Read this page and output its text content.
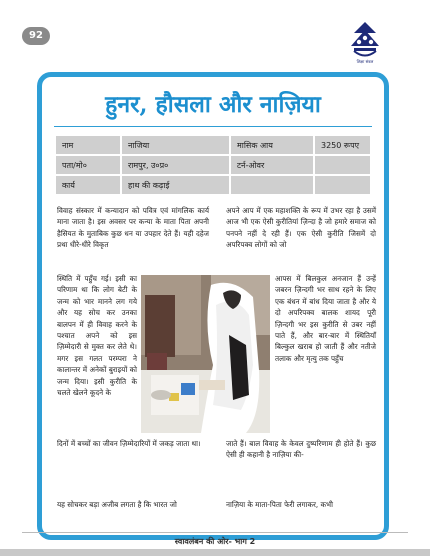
92
शिक्षा संबल
हुनर, हौसला और नाज़िया
नाम	नाजिया	मासिक आय	3250 रूपए
पता/मो०	रामपुर, उ०प्र०	टर्न-ओवर	
कार्य	हाथ की कढ़ाई		

विवाह संस्कार में कन्यादान को पवित्र एवं मांगलिक कार्य माना जाता है। इस अवसर पर कन्या के माता पिता अपनी हैसियत के मुताबिक कुछ धन या उपहार देते हैं। यही दहेज प्रथा धीरे-धीरे विकृत

स्थिति में पहुँच गई। इसी का परिणाम था कि लोग बेटी के जन्म को भार मानने लग गये और यह सोच कर उनका बालपन में ही विवाह करने के पश्चात अपने को इस ज़िम्मेदारी से मुक्त कर लेते थे। मगर इस गलत परम्परा ने कालान्तर में अनेकों बुराइयों को जन्म दिया। इसी कुरीति के चलते खेलने कूदने के

दिनों में बच्चों का जीवन ज़िम्मेदारियों में जकड़ जाता था।

यह सोचकर बड़ा अजीब लगता है कि भारत जो

अपने आप में एक महाशक्ति के रूप में उभर रहा है उसमें आज भी एक ऐसी कुरीतियां ज़िन्दा है जो हमारे समाज को पनपने नहीं दे रही हैं। एक ऐसी कुरीति जिसमें दो अपरिपक्व लोगों को जो

आपस में बिलकुल अनजान हैं उन्हें जबरन ज़िन्दगी भर साथ रहने के लिए एक बंधन में बांध दिया जाता है और ये दो अपरिपक्व बालक शायद पूरी ज़िन्दगी भर इस कुरीति से उबर नहीं पाते हैं, और बार-बार में स्थितियाँ बिल्कुल खराब हो जाती हैं और नतीजे तलाक और मृत्यु तक पहुँच

जाते हैं। बाल विवाह के केवल दुष्परिणाम ही होते हैं। कुछ ऐसी ही कहानी है नाज़िया की-

नाज़िया के माता-पिता फेरी लगाकर, कभी

स्वावलंबन की ओर- भाग 2
